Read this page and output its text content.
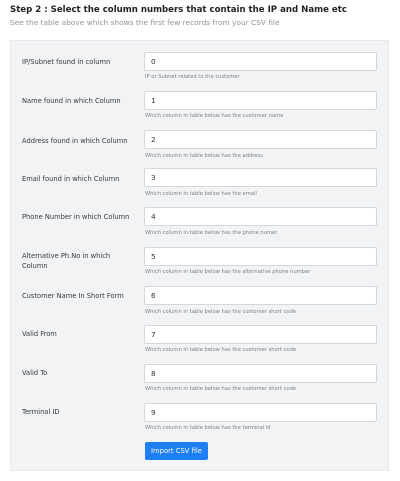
Step 2 : Select the column numbers that contain the IP and Name etc
See the table above which shows the first few records from your CSV file
IP/Subnet found in column
0
IP or Subnet related to the customer
Name found in which Column
1
Which column in table below has the customer name
Address found in which Column
2
Which column in table below has the address
Email found in which Column
3
Which column in table below has the email
Phone Number in which Column
4
Which column in table below has the phone numer
Alternative Ph.No in which Column
5
Which column in table below has the alternative phone number
Customer Name In Short Form
6
Which column in table below has the customer short code
Valid From
7
Which column in table below has the customer short code
Valid To
8
Which column in table below has the customer short code
Terminal ID
9
Which column in table below has the terminal id
Import CSV file
